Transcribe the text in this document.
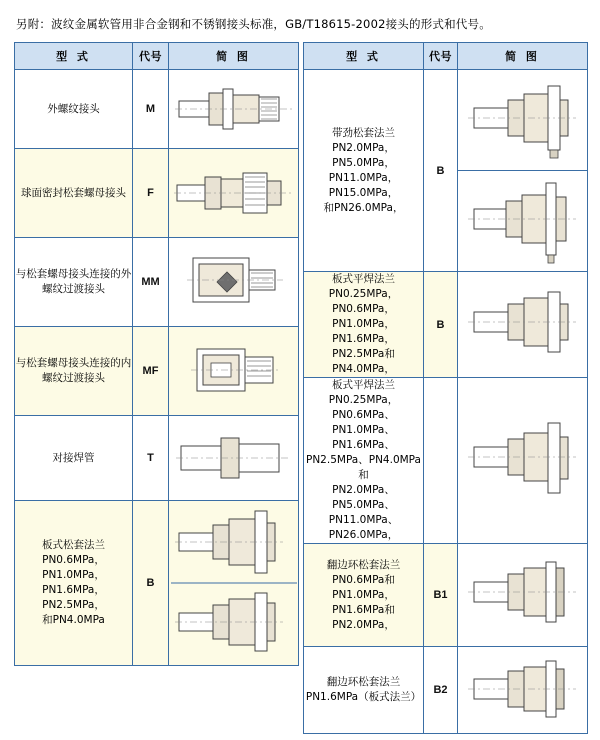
另附：波纹金属软管用非合金钢和不锈钢接头标准，GB/T18615-2002接头的形式和代号。
型 式	代号	简 图
外螺纹接头	M	

球面密封松套螺母接头	F	

与松套螺母接头连接的外螺纹过渡接头	MM	

与松套螺母接头连接的内螺纹过渡接头	MF	

对接焊管	T	

板式松套法兰
PN0.6MPa，PN1.0MPa，
PN1.6MPa，PN2.5MPa，
和PN4.0MPa	B	
型 式	代号	简 图
带劲松套法兰
PN2.0MPa，PN5.0MPa，
PN11.0MPa，PN15.0MPa，
和PN26.0MPa，	B	

板式平焊法兰
PN0.25MPa，PN0.6MPa，
PN1.0MPa，PN1.6MPa，
PN2.5MPa和PN4.0MPa，	B	

板式平焊法兰
PN0.25MPa，PN0.6MPa、
PN1.0MPa、PN1.6MPa、
PN2.5MPa、PN4.0MPa 和
PN2.0MPa、PN5.0MPa、
PN11.0MPa、PN26.0MPa，		

翻边环松套法兰
PN0.6MPa和PN1.0MPa，
PN1.6MPa和PN2.0MPa，	B1	

翻边环松套法兰
PN1.6MPa（板式法兰）	B2	
